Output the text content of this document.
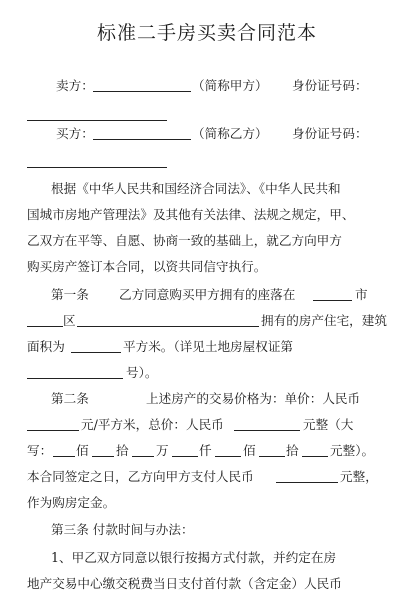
标准二手房买卖合同范本
卖方：	（简称甲方） 身份证号码：
买方：	（简称乙方） 身份证号码：
根据《中华人民共和国经济合同法》、《中华人民共和
国城市房地产管理法》及其他有关法律、法规之规定，甲、
乙双方在平等、自愿、协商一致的基础上，就乙方向甲方
购买房产签订本合同，以资共同信守执行。
第一条 乙方同意购买甲方拥有的座落在	市
区	拥有的房产住宅，建筑
面积为	平方米。（详见土地房屋权证第
号）。
第二条	上述房产的交易价格为：单价：人民币
元/平方米，总价：人民币	元整（大
写： 佰 拾 万 仟 佰 拾 元整）。
本合同签定之日，乙方向甲方支付人民币	元整，
作为购房定金。
第三条 付款时间与办法：
1、甲乙双方同意以银行按揭方式付款，并约定在房
地产交易中心缴交税费当日支付首付款（含定金）人民币
